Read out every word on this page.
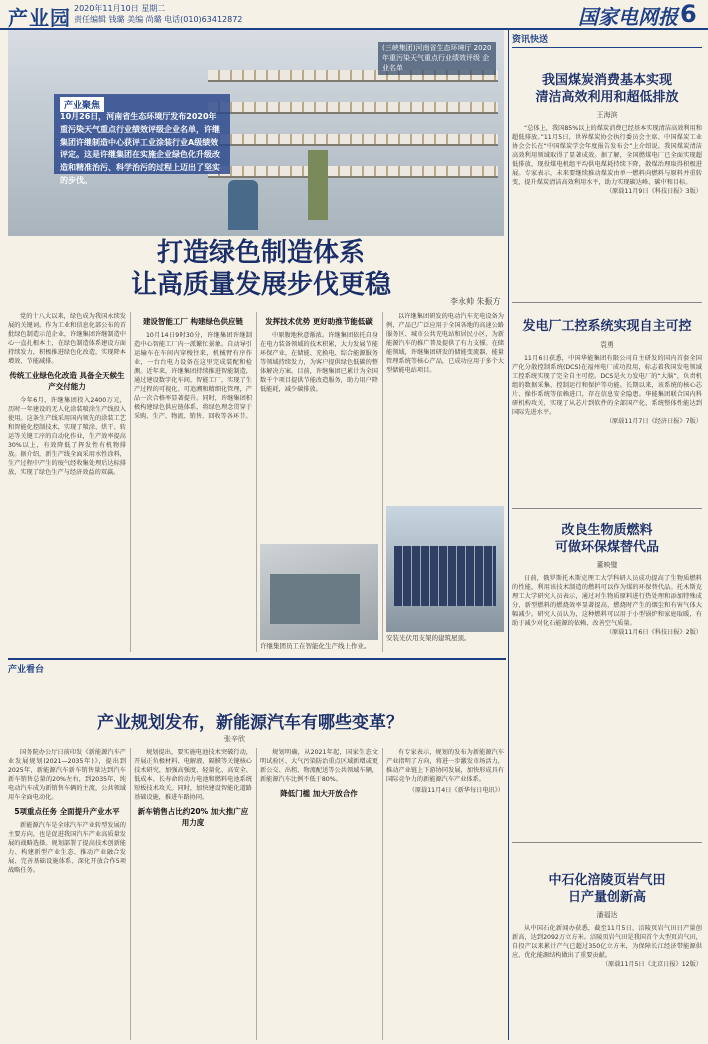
产业园 2020年11月10日 星期二
责任编辑 钱璐 美编 尚璐 电话(010)63412872	国家电网报 6
(三峡集团)河南省生态环境厅 2020年重污染天气重点行业绩效评级 企业名单
10月26日，河南省生态环境厅发布2020年重污染天气重点行业绩效评级企业名单，许继集团许继制造中心获评工业涂装行业A级绩效评定。这是许继集团在实施企业绿色化升级改造和精准治污、科学治污的过程上迈出了坚实的步伐。
产业聚焦
打造绿色制造体系
让高质量发展步伐更稳
李永帅 朱振方

党的十八大以来，绿色成为我国永续发展的关键词。作为工业和信息化部公布的首批绿色制造示范企业，许继集团许继制造中心一直扎根本土，在绿色制造体系建设方面持续发力，积极推进绿色化改造，实现降本增效、节能减排。

传统工业绿色化改造 具备全天候生产交付能力

今年6月，许继集团投入2400万元，历时一年建设的无人化涂装喷涂生产线投入使用。这条生产线采用国内领先的涂装工艺和智能化控制技术，实现了喷涂、烘干、转运等关键工序的自动化作业，生产效率提高30%以上，有效降低了挥发性有机物排放。据介绍，新生产线全面采用水性涂料，生产过程中产生的废气经收集处理后达标排放，实现了绿色生产与经济效益的双赢。

建设智能工厂 构建绿色供应链

10月14日9时30分，许继集团许继制造中心智能工厂内一派繁忙景象。自动导引运输车在车间内穿梭往来，机械臂有序作业，一台台电力设备在这里完成装配和检测。近年来，许继集团持续推进智能制造，通过建设数字化车间、智能工厂，实现了生产过程的可视化、可追溯和精细化管理，产品一次合格率显著提升。同时，许继集团积极构建绿色供应链体系，将绿色理念贯穿于采购、生产、物流、销售、回收等各环节。

发挥技术优势 更好助推节能低碳

中原腹地秋意渐浓。许继集团依托自身在电力装备领域的技术积累，大力发展节能环保产业，在储能、充换电、综合能源服务等领域持续发力，为客户提供绿色低碳的整体解决方案。目前，许继集团已累计为全国数千个项目提供节能改造服务，助力用户降低能耗，减少碳排放。

以许继集团研发的电动汽车充电设备为例，产品已广泛应用于全国各地的高速公路服务区、城市公共充电站和居民小区，为新能源汽车的推广普及提供了有力支撑。在储能领域，许继集团研发的储能变流器、能量管理系统等核心产品，已成功应用于多个大型储能电站项目。

许继集团员工在智能化生产线上作业。
安装光伏用支架的建筑屋顶。
资讯快送
我国煤炭消费基本实现
清洁高效利用和超低排放
王海滨

“总体上，我国85%以上的煤炭消费已经基本实现清洁高效利用和超低排放。”11月5日，世界煤炭协会执行委员会主席、中国煤炭工业协会会长在“中国煤炭学会年度报告发布会”上介绍说，我国煤炭清洁高效利用领域取得了显著成效。据了解，全国燃煤电厂已全面实现超低排放，现役煤电机组平均供电煤耗持续下降，散煤治理取得积极进展。专家表示，未来要继续推动煤炭由单一燃料向燃料与原料并重转变，提升煤炭清洁高效利用水平，助力实现碳达峰、碳中和目标。

（原载11月9日《科技日报》3版）
发电厂工控系统实现自主可控
袁勇

11月6日获悉，中国华能集团有限公司自主研发的国内首套全国产化分散控制系统(DCS)在福州电厂成功投用，标志着我国发电领域工控系统实现了完全自主可控。DCS是火力发电厂的“大脑”，负责机组的数据采集、控制运行和保护等功能。长期以来，该系统的核心芯片、操作系统等依赖进口，存在信息安全隐患。华能集团联合国内科研机构攻关，实现了从芯片到软件的全部国产化，系统整体性能达到国际先进水平。

（原载11月7日《经济日报》7版）
改良生物质燃料
可做环保煤替代品
董映璧

日前，俄罗斯托木斯克理工大学科研人员成功提高了生物质燃料的性能，利用该技术制造的燃料可以作为煤的环保替代品。托木斯克理工大学研究人员表示，通过对生物质原料进行热处理和添加特殊成分，新型燃料的燃烧效率显著提高，燃烧时产生的烟尘和有害气体大幅减少。研究人员认为，这种燃料可以用于小型锅炉和家庭取暖，有助于减少对化石能源的依赖，改善空气质量。

（原载11月6日《科技日报》2版）
中石化涪陵页岩气田
日产量创新高
潘福达

从中国石化新闻办获悉，截至11月5日，涪陵页岩气田日产量创新高，达到2092万立方米。涪陵页岩气田是我国首个大型页岩气田，自投产以来累计产气已超过350亿立方米，为保障长江经济带能源供应、优化能源结构做出了重要贡献。

（原载11月5日《北京日报》12版）
产业看台
产业规划发布，新能源汽车有哪些变革？
张辛欣

国务院办公厅日前印发《新能源汽车产业发展规划(2021—2035年)》，提出到2025年，新能源汽车新车销售量达到汽车新车销售总量的20%左右，到2035年，纯电动汽车成为新销售车辆的主流，公共领域用车全面电动化。

5项重点任务 全面提升产业水平

新能源汽车是全球汽车产业转型发展的主要方向，也是促进我国汽车产业高质量发展的战略选择。规划部署了提高技术创新能力、构建新型产业生态、推动产业融合发展、完善基础设施体系、深化开放合作5项战略任务。

规划提出，要实施电池技术突破行动，开展正负极材料、电解液、隔膜等关键核心技术研究，加强高强度、轻量化、高安全、低成本、长寿命的动力电池和燃料电池系统短板技术攻关。同时，加快建设智能化道路基础设施，推进车路协同。

新车销售占比约20% 加大推广应用力度

规划明确，从2021年起，国家生态文明试验区、大气污染防治重点区域新增或更新公交、出租、物流配送等公共领域车辆，新能源汽车比例不低于80%。

降低门槛 加大开放合作

有专家表示，规划的发布为新能源汽车产业指明了方向，将进一步激发市场活力，推动产业链上下游协同发展，加快形成具有国际竞争力的新能源汽车产业体系。

（原载11月4日《新华每日电讯》）
